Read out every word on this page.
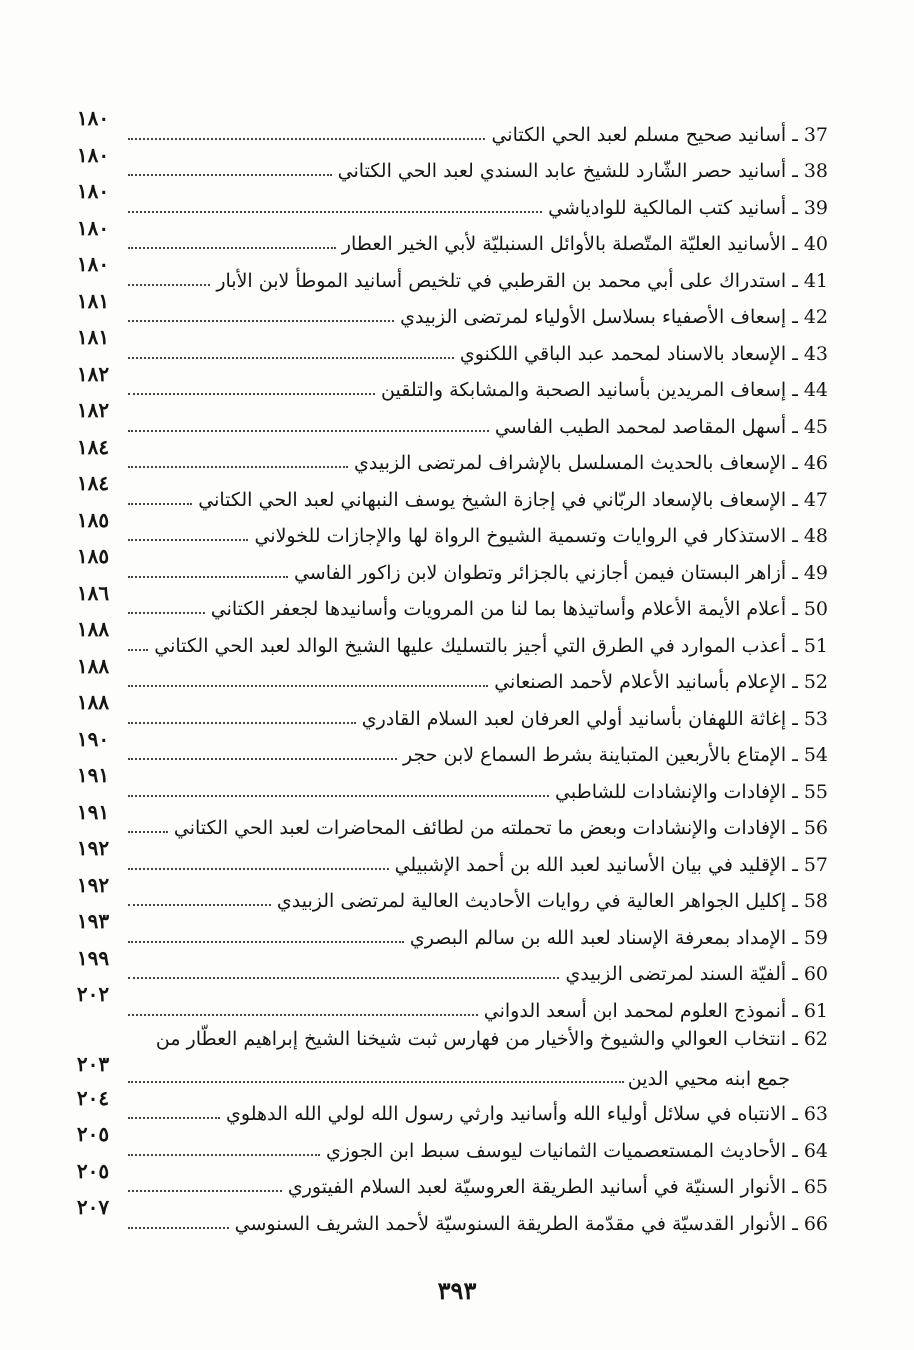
37 ـ أسانيد صحيح مسلم لعبد الحي الكتاني
١٨٠
38 ـ أسانيد حصر الشّارد للشيخ عابد السندي لعبد الحي الكتاني
١٨٠
39 ـ أسانيد كتب المالكية للوادياشي
١٨٠
40 ـ الأسانيد العليّة المتّصلة بالأوائل السنبليّة لأبي الخير العطار
١٨٠
41 ـ استدراك على أبي محمد بن القرطبي في تلخيص أسانيد الموطأ لابن الأبار
١٨٠
42 ـ إسعاف الأصفياء بسلاسل الأولياء لمرتضى الزبيدي
١٨١
43 ـ الإسعاد بالاسناد لمحمد عبد الباقي اللكنوي
١٨١
44 ـ إسعاف المريدين بأسانيد الصحبة والمشابكة والتلقين
١٨٢
45 ـ أسهل المقاصد لمحمد الطيب الفاسي
١٨٢
46 ـ الإسعاف بالحديث المسلسل بالإشراف لمرتضى الزبيدي
١٨٤
47 ـ الإسعاف بالإسعاد الربّاني في إجازة الشيخ يوسف النبهاني لعبد الحي الكتاني
١٨٤
48 ـ الاستذكار في الروايات وتسمية الشيوخ الرواة لها والإجازات للخولاني
١٨٥
49 ـ أزاهر البستان فيمن أجازني بالجزائر وتطوان لابن زاكور الفاسي
١٨٥
50 ـ أعلام الأيمة الأعلام وأساتيذها بما لنا من المرويات وأسانيدها لجعفر الكتاني
١٨٦
51 ـ أعذب الموارد في الطرق التي أجيز بالتسليك عليها الشيخ الوالد لعبد الحي الكتاني
١٨٨
52 ـ الإعلام بأسانيد الأعلام لأحمد الصنعاني
١٨٨
53 ـ إغاثة اللهفان بأسانيد أولي العرفان لعبد السلام القادري
١٨٨
54 ـ الإمتاع بالأربعين المتباينة بشرط السماع لابن حجر
١٩٠
55 ـ الإفادات والإنشادات للشاطبي
١٩١
56 ـ الإفادات والإنشادات وبعض ما تحملته من لطائف المحاضرات لعبد الحي الكتاني
١٩١
57 ـ الإقليد في بيان الأسانيد لعبد الله بن أحمد الإشبيلي
١٩٢
58 ـ إكليل الجواهر العالية في روايات الأحاديث العالية لمرتضى الزبيدي
١٩٢
59 ـ الإمداد بمعرفة الإسناد لعبد الله بن سالم البصري
١٩٣
60 ـ ألفيّة السند لمرتضى الزبيدي
١٩٩
61 ـ أنموذج العلوم لمحمد ابن أسعد الدواني
٢٠٢
62 ـ انتخاب العوالي والشيوخ والأخيار من فهارس ثبت شيخنا الشيخ إبراهيم العطّار من
جمع ابنه محيي الدين
٢٠٣
63 ـ الانتباه في سلائل أولياء الله وأسانيد وارثي رسول الله لولي الله الدهلوي
٢٠٤
64 ـ الأحاديث المستعصميات الثمانيات ليوسف سبط ابن الجوزي
٢٠٥
65 ـ الأنوار السنيّة في أسانيد الطريقة العروسيّة لعبد السلام الفيتوري
٢٠٥
66 ـ الأنوار القدسيّة في مقدّمة الطريقة السنوسيّة لأحمد الشريف السنوسي
٢٠٧
٣٩٣
